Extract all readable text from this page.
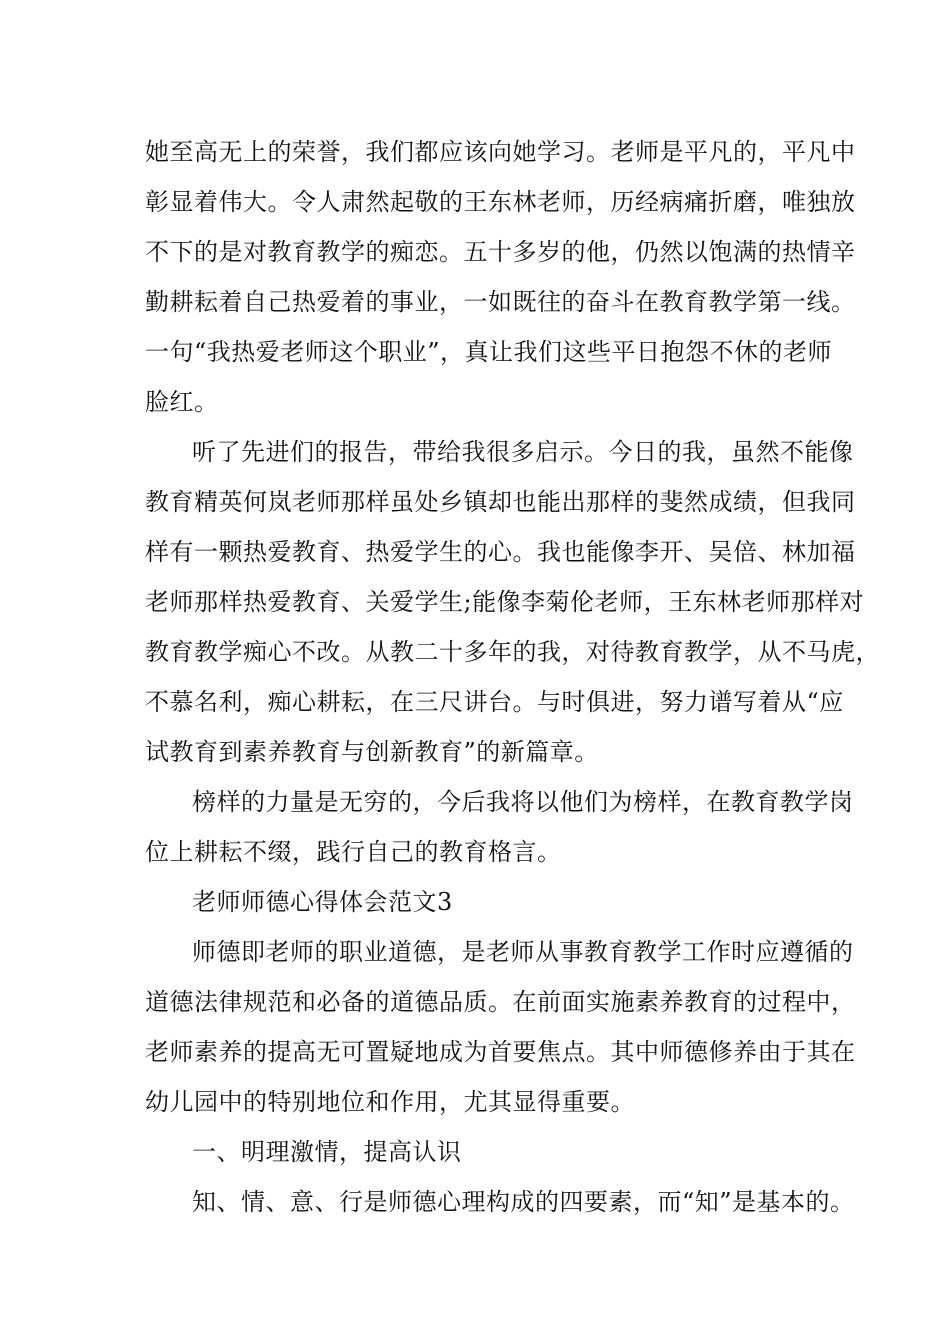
她至高无上的荣誉，我们都应该向她学习。老师是平凡的，平凡中
彰显着伟大。令人肃然起敬的王东林老师，历经病痛折磨，唯独放
不下的是对教育教学的痴恋。五十多岁的他，仍然以饱满的热情辛
勤耕耘着自己热爱着的事业，一如既往的奋斗在教育教学第一线。
一句“我热爱老师这个职业”，真让我们这些平日抱怨不休的老师
脸红。
听了先进们的报告，带给我很多启示。今日的我，虽然不能像
教育精英何岚老师那样虽处乡镇却也能出那样的斐然成绩，但我同
样有一颗热爱教育、热爱学生的心。我也能像李开、吴倍、林加福
老师那样热爱教育、关爱学生;能像李菊伦老师，王东林老师那样对
教育教学痴心不改。从教二十多年的我，对待教育教学，从不马虎，
不慕名利，痴心耕耘，在三尺讲台。与时俱进，努力谱写着从“应
试教育到素养教育与创新教育”的新篇章。
榜样的力量是无穷的，今后我将以他们为榜样，在教育教学岗
位上耕耘不缀，践行自己的教育格言。
老师师德心得体会范文3
师德即老师的职业道德，是老师从事教育教学工作时应遵循的
道德法律规范和必备的道德品质。在前面实施素养教育的过程中，
老师素养的提高无可置疑地成为首要焦点。其中师德修养由于其在
幼儿园中的特别地位和作用，尤其显得重要。
一、明理激情，提高认识
知、情、意、行是师德心理构成的四要素，而“知”是基本的。
